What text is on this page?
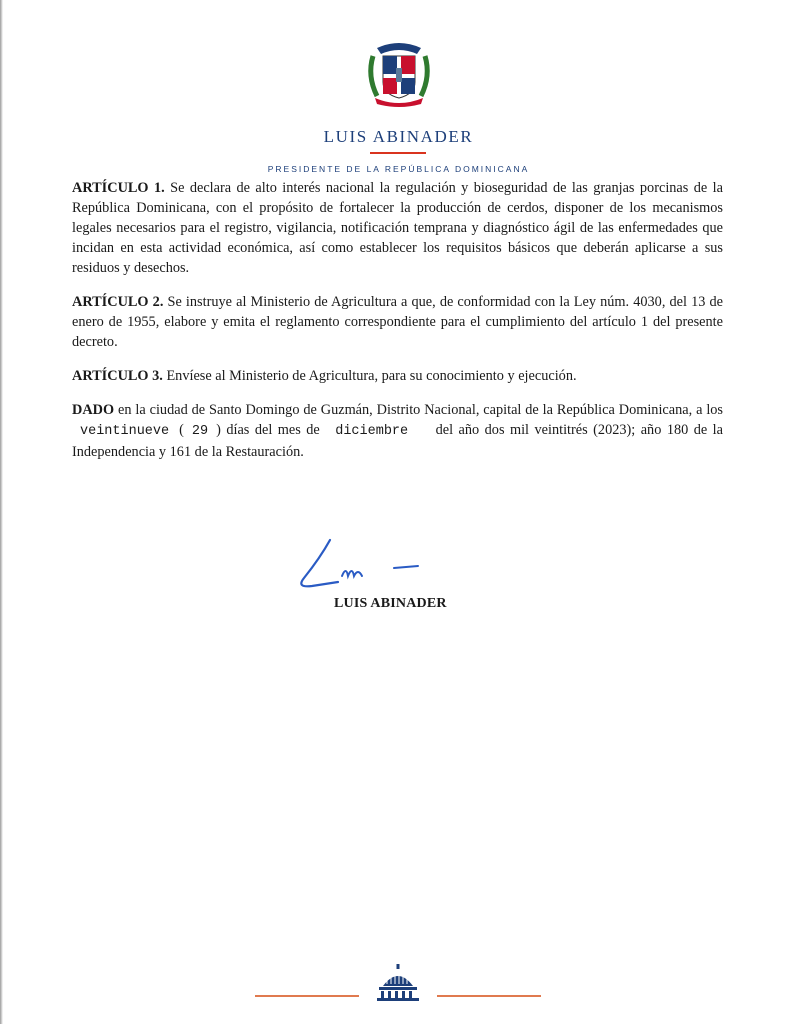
LUIS ABINADER
PRESIDENTE DE LA REPÚBLICA DOMINICANA

ARTÍCULO 1. Se declara de alto interés nacional la regulación y bioseguridad de las granjas porcinas de la República Dominicana, con el propósito de fortalecer la producción de cerdos, disponer de los mecanismos legales necesarios para el registro, vigilancia, notificación temprana y diagnóstico ágil de las enfermedades que incidan en esta actividad económica, así como establecer los requisitos básicos que deberán aplicarse a sus residuos y desechos.

ARTÍCULO 2. Se instruye al Ministerio de Agricultura a que, de conformidad con la Ley núm. 4030, del 13 de enero de 1955, elabore y emita el reglamento correspondiente para el cumplimiento del artículo 1 del presente decreto.

ARTÍCULO 3. Envíese al Ministerio de Agricultura, para su conocimiento y ejecución.

DADO en la ciudad de Santo Domingo de Guzmán, Distrito Nacional, capital de la República Dominicana, a los veintinueve ( 29 ) días del mes de diciembre del año dos mil veintitrés (2023); año 180 de la Independencia y 161 de la Restauración.

LUIS ABINADER
